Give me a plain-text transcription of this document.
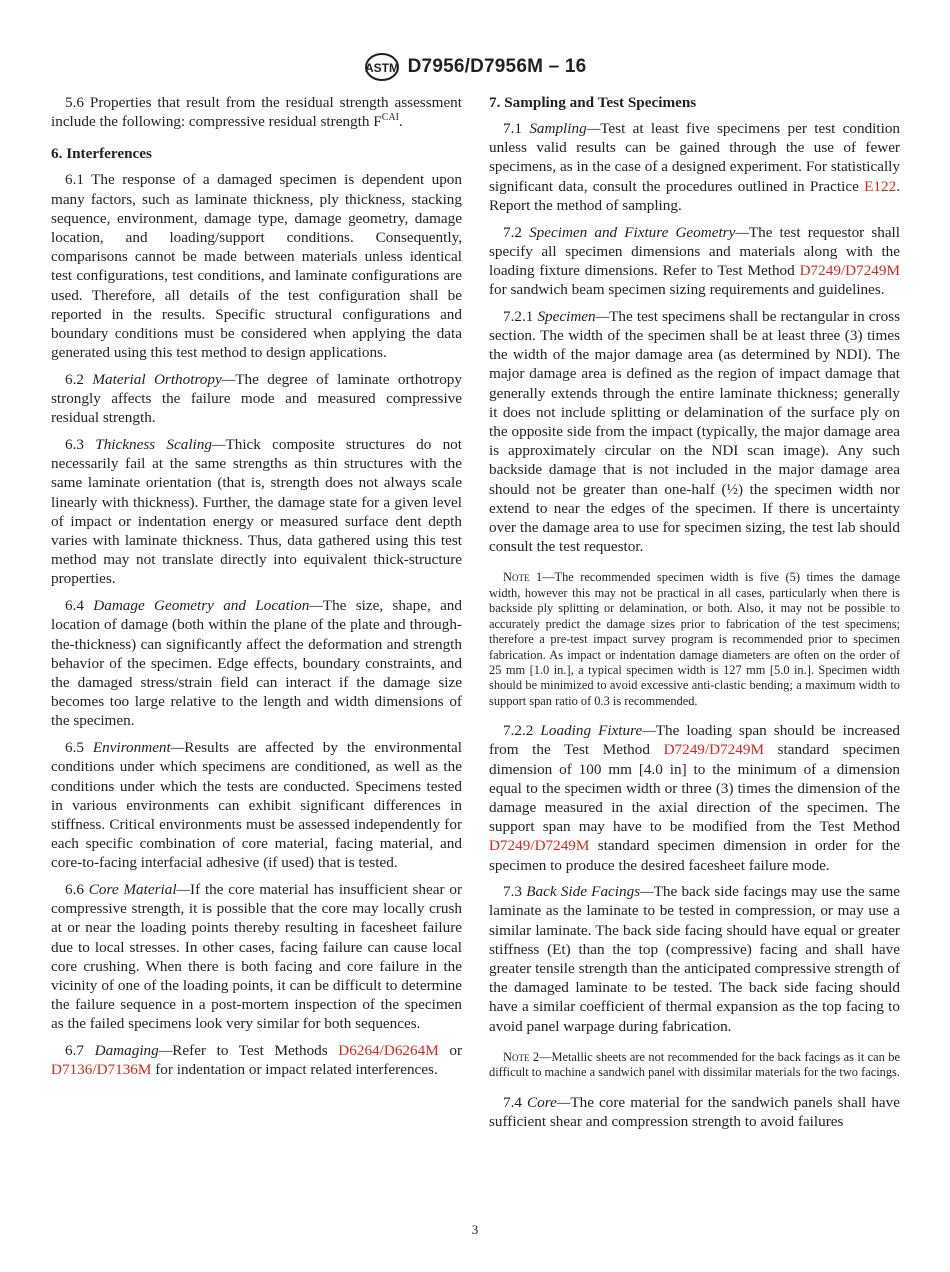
ASTM D7956/D7956M – 16

5.6 Properties that result from the residual strength assessment include the following: compressive residual strength $F^{CAI}$.

6. Interferences

6.1 The response of a damaged specimen is dependent upon many factors, such as laminate thickness, ply thickness, stacking sequence, environment, damage type, damage geometry, damage location, and loading/support conditions. Consequently, comparisons cannot be made between materials unless identical test configurations, test conditions, and laminate configurations are used. Therefore, all details of the test configuration shall be reported in the results. Specific structural configurations and boundary conditions must be considered when applying the data generated using this test method to design applications.

6.2 Material Orthotropy—The degree of laminate orthotropy strongly affects the failure mode and measured compressive residual strength.

6.3 Thickness Scaling—Thick composite structures do not necessarily fail at the same strengths as thin structures with the same laminate orientation (that is, strength does not always scale linearly with thickness). Further, the damage state for a given level of impact or indentation energy or measured surface dent depth varies with laminate thickness. Thus, data gathered using this test method may not translate directly into equivalent thick-structure properties.

6.4 Damage Geometry and Location—The size, shape, and location of damage (both within the plane of the plate and through-the-thickness) can significantly affect the deformation and strength behavior of the specimen. Edge effects, boundary constraints, and the damaged stress/strain field can interact if the damage size becomes too large relative to the length and width dimensions of the specimen.

6.5 Environment—Results are affected by the environmental conditions under which specimens are conditioned, as well as the conditions under which the tests are conducted. Specimens tested in various environments can exhibit significant differences in stiffness. Critical environments must be assessed independently for each specific combination of core material, facing material, and core-to-facing interfacial adhesive (if used) that is tested.

6.6 Core Material—If the core material has insufficient shear or compressive strength, it is possible that the core may locally crush at or near the loading points thereby resulting in facesheet failure due to local stresses. In other cases, facing failure can cause local core crushing. When there is both facing and core failure in the vicinity of one of the loading points, it can be difficult to determine the failure sequence in a post-mortem inspection of the specimen as the failed specimens look very similar for both sequences.

6.7 Damaging—Refer to Test Methods D6264/D6264M or D7136/D7136M for indentation or impact related interferences.

7. Sampling and Test Specimens

7.1 Sampling—Test at least five specimens per test condition unless valid results can be gained through the use of fewer specimens, as in the case of a designed experiment. For statistically significant data, consult the procedures outlined in Practice E122. Report the method of sampling.

7.2 Specimen and Fixture Geometry—The test requestor shall specify all specimen dimensions and materials along with the loading fixture dimensions. Refer to Test Method D7249/D7249M for sandwich beam specimen sizing requirements and guidelines.

7.2.1 Specimen—The test specimens shall be rectangular in cross section. The width of the specimen shall be at least three (3) times the width of the major damage area (as determined by NDI). The major damage area is defined as the region of impact damage that generally extends through the entire laminate thickness; generally it does not include splitting or delamination of the surface ply on the opposite side from the impact (typically, the major damage area is approximately circular on the NDI scan image). Any such backside damage that is not included in the major damage area should not be greater than one-half (½) the specimen width nor extend to near the edges of the specimen. If there is uncertainty over the damage area to use for specimen sizing, the test lab should consult the test requestor.

Note 1—The recommended specimen width is five (5) times the damage width, however this may not be practical in all cases, particularly when there is backside ply splitting or delamination, or both. Also, it may not be possible to accurately predict the damage sizes prior to fabrication of the test specimens; therefore a pre-test impact survey program is recommended prior to specimen fabrication. As impact or indentation damage diameters are often on the order of 25 mm [1.0 in.], a typical specimen width is 127 mm [5.0 in.]. Specimen width should be minimized to avoid excessive anti-clastic bending; a maximum width to support span ratio of 0.3 is recommended.

7.2.2 Loading Fixture—The loading span should be increased from the Test Method D7249/D7249M standard specimen dimension of 100 mm [4.0 in] to the minimum of a dimension equal to the specimen width or three (3) times the dimension of the damage measured in the axial direction of the specimen. The support span may have to be modified from the Test Method D7249/D7249M standard specimen dimension in order for the specimen to produce the desired facesheet failure mode.

7.3 Back Side Facings—The back side facings may use the same laminate as the laminate to be tested in compression, or may use a similar laminate. The back side facing should have equal or greater stiffness (Et) than the top (compressive) facing and shall have greater tensile strength than the anticipated compressive strength of the damaged laminate to be tested. The back side facing should have a similar coefficient of thermal expansion as the top facing to avoid panel warpage during fabrication.

Note 2—Metallic sheets are not recommended for the back facings as it can be difficult to machine a sandwich panel with dissimilar materials for the two facings.

7.4 Core—The core material for the sandwich panels shall have sufficient shear and compression strength to avoid failures

3
